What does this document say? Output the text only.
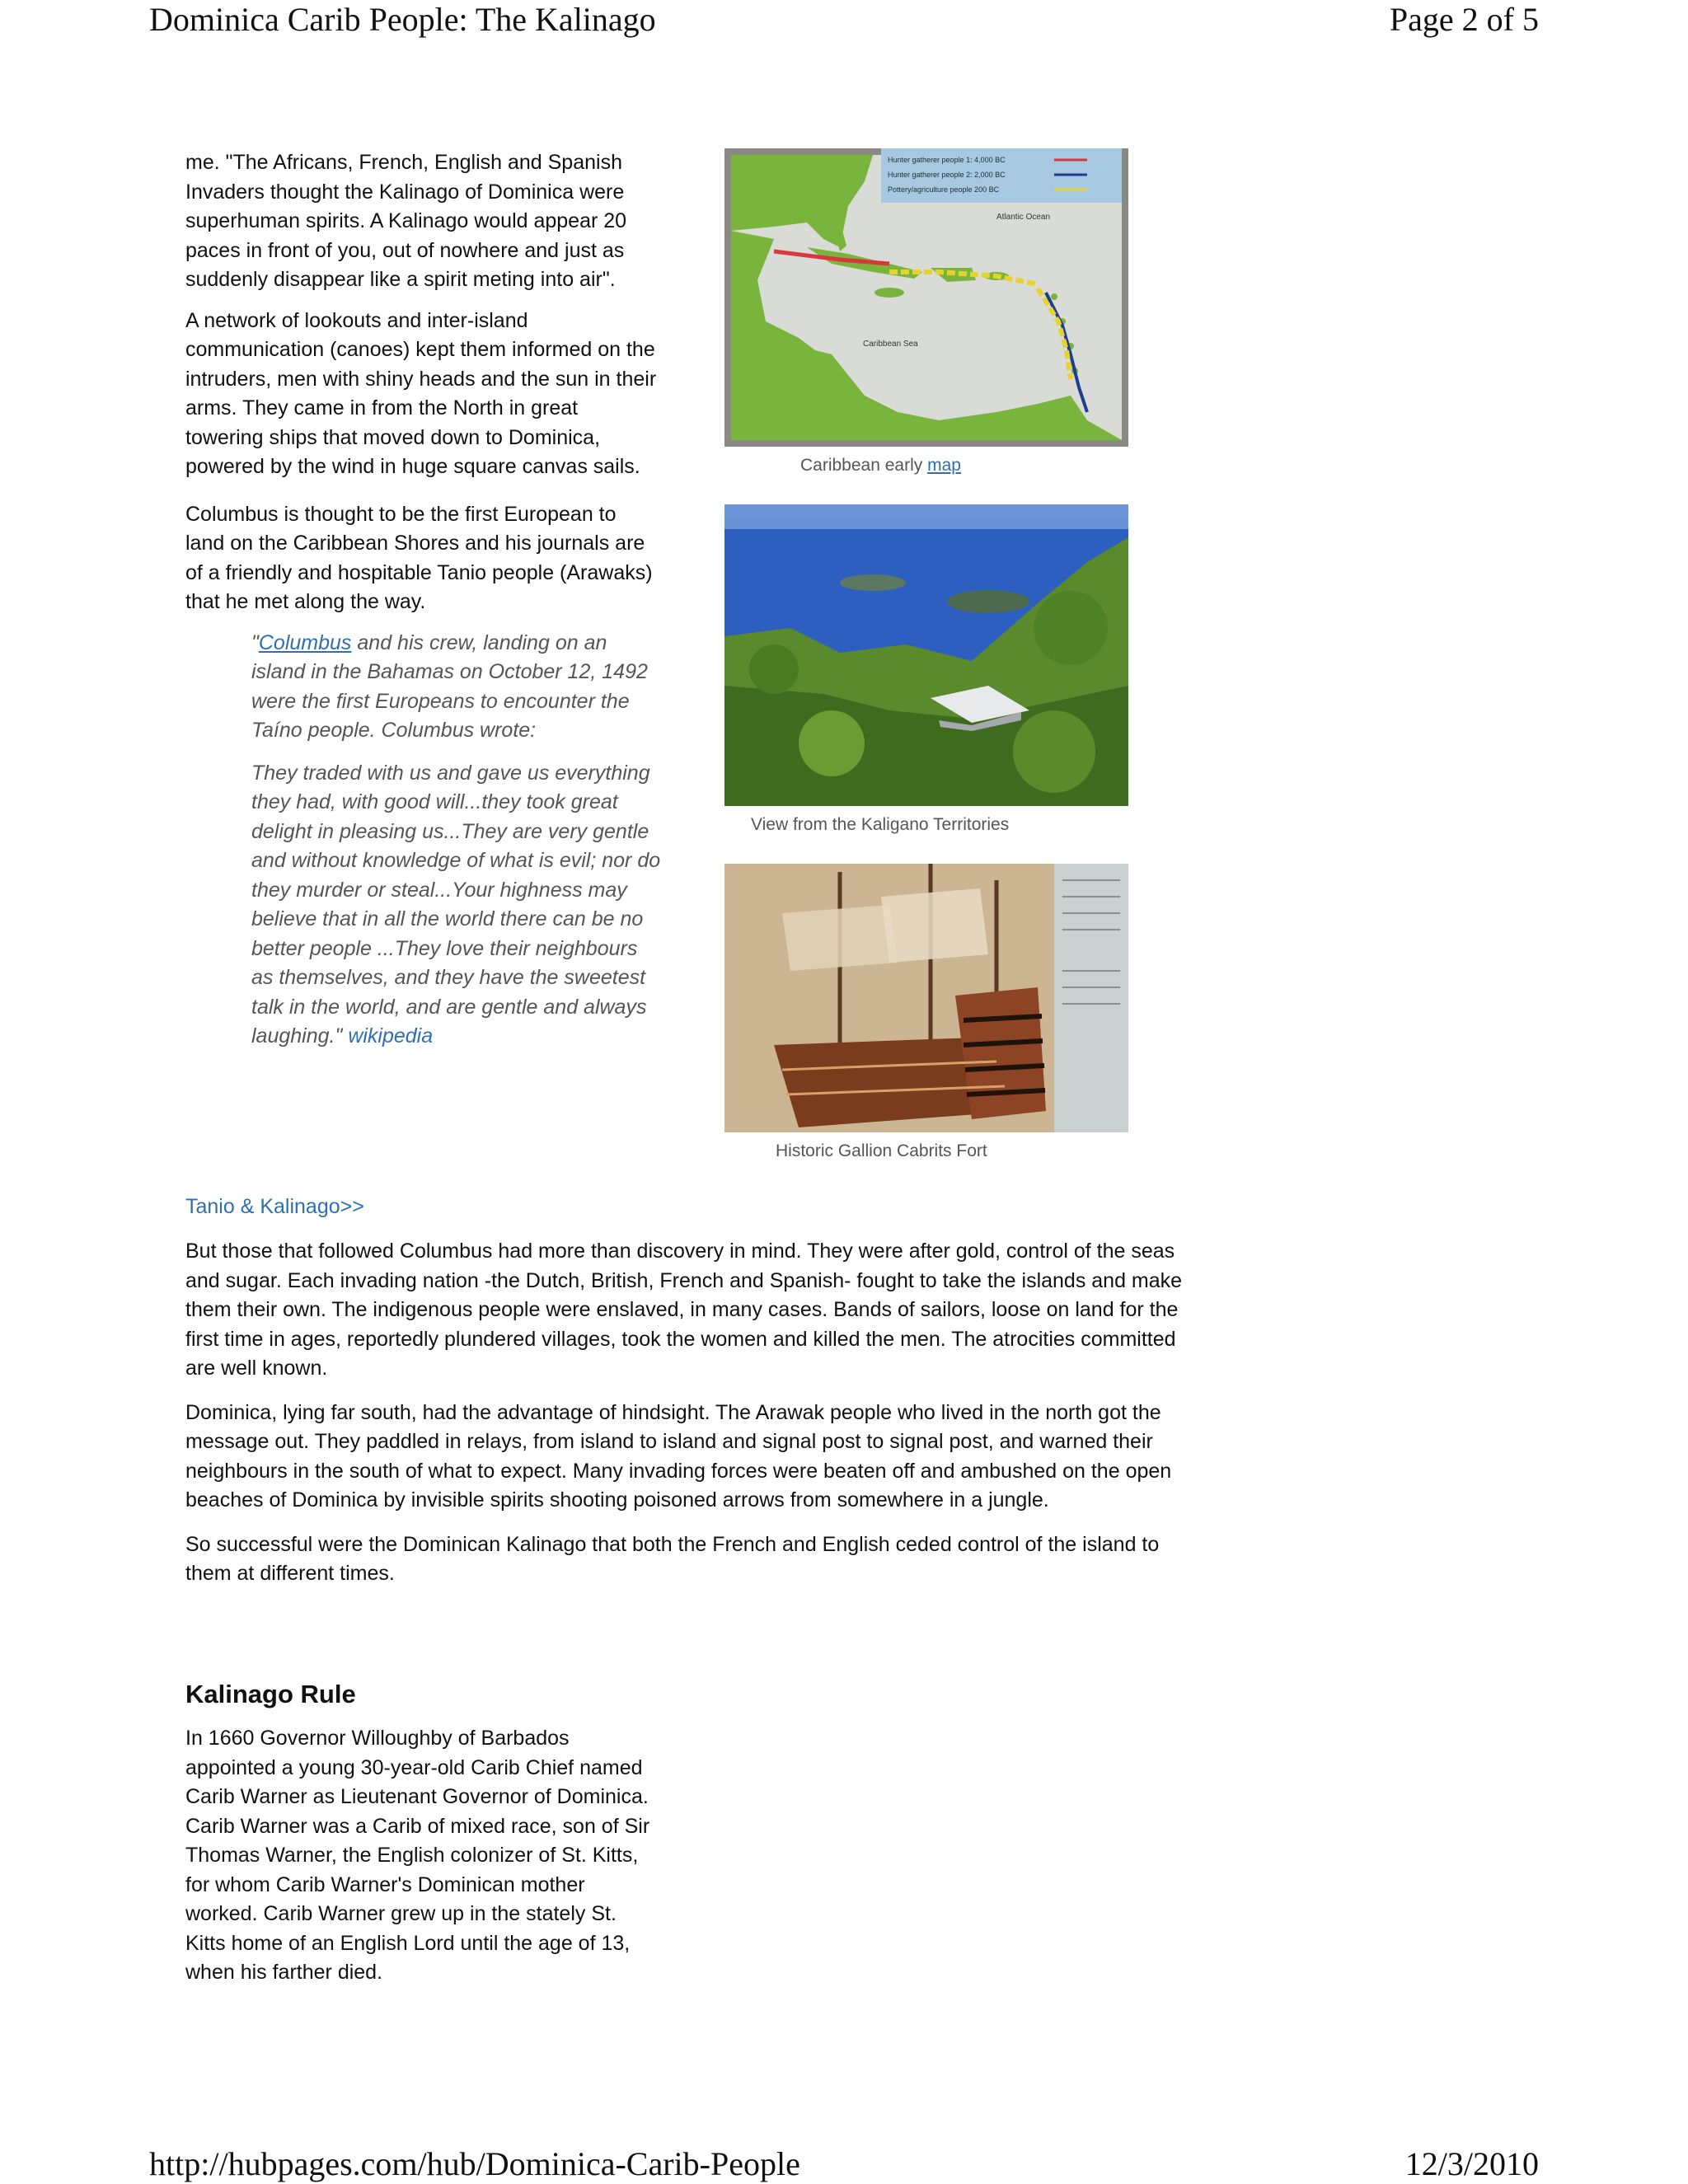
Dominica Carib People: The Kalinago	Page 2 of 5

me. "The Africans, French, English and Spanish Invaders thought the Kalinago of Dominica were superhuman spirits. A Kalinago would appear 20 paces in front of you, out of nowhere and just as suddenly disappear like a spirit meting into air".

A network of lookouts and inter-island communication (canoes) kept them informed on the intruders, men with shiny heads and the sun in their arms. They came in from the North in great towering ships that moved down to Dominica, powered by the wind in huge square canvas sails.

Columbus is thought to be the first European to land on the Caribbean Shores and his journals are of a friendly and hospitable Tanio people (Arawaks) that he met along the way.

"Columbus and his crew, landing on an island in the Bahamas on October 12, 1492 were the first Europeans to encounter the Taíno people. Columbus wrote:

They traded with us and gave us everything they had, with good will...they took great delight in pleasing us...They are very gentle and without knowledge of what is evil; nor do they murder or steal...Your highness may believe that in all the world there can be no better people ...They love their neighbours as themselves, and they have the sweetest talk in the world, and are gentle and always laughing." wikipedia

Hunter gatherer people 1: 4,000 BC
Hunter gatherer people 2: 2,000 BC
Pottery/agriculture people 200 BC
Atlantic Ocean
Caribbean Sea
Caribbean early map
View from the Kaligano Territories
Historic Gallion Cabrits Fort
Tanio & Kalinago>>

But those that followed Columbus had more than discovery in mind. They were after gold, control of the seas and sugar. Each invading nation -the Dutch, British, French and Spanish- fought to take the islands and make them their own. The indigenous people were enslaved, in many cases. Bands of sailors, loose on land for the first time in ages, reportedly plundered villages, took the women and killed the men. The atrocities committed are well known.

Dominica, lying far south, had the advantage of hindsight. The Arawak people who lived in the north got the message out. They paddled in relays, from island to island and signal post to signal post, and warned their neighbours in the south of what to expect. Many invading forces were beaten off and ambushed on the open beaches of Dominica by invisible spirits shooting poisoned arrows from somewhere in a jungle.

So successful were the Dominican Kalinago that both the French and English ceded control of the island to them at different times.

Kalinago Rule

In 1660 Governor Willoughby of Barbados appointed a young 30-year-old Carib Chief named Carib Warner as Lieutenant Governor of Dominica. Carib Warner was a Carib of mixed race, son of Sir Thomas Warner, the English colonizer of St. Kitts, for whom Carib Warner's Dominican mother worked. Carib Warner grew up in the stately St. Kitts home of an English Lord until the age of 13, when his farther died.

http://hubpages.com/hub/Dominica-Carib-People	12/3/2010
